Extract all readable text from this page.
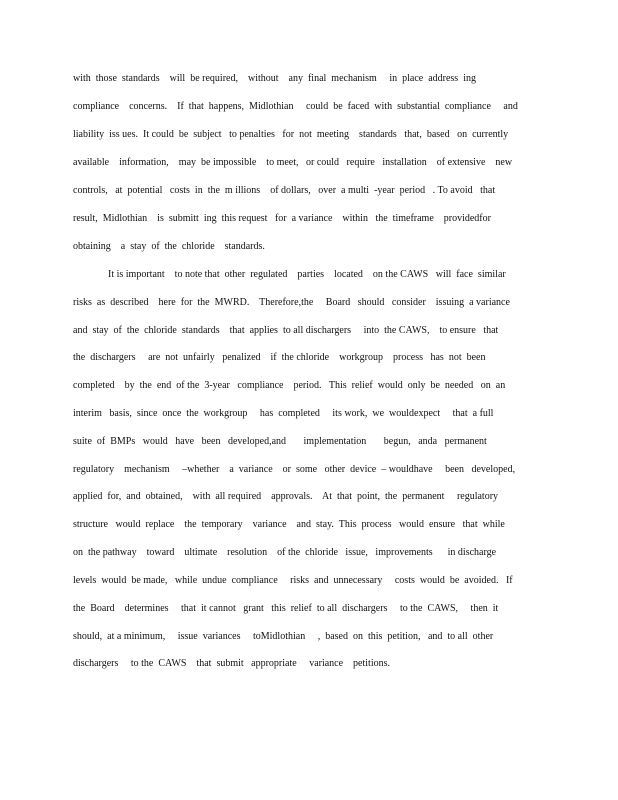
with  those  standards    will  be required,    without    any  final  mechanism     in  place  address  ing
compliance    concerns.    If  that  happens,  Midlothian     could  be  faced  with  substantial  compliance     and
liability  iss ues.  It could  be  subject   to penalties   for  not  meeting    standards   that,  based   on  currently
available    information,    may  be impossible    to meet,   or could   require   installation    of extensive    new
controls,   at  potential   costs  in  the  m illions    of dollars,   over  a multi  -year  period   . To avoid   that
result,  Midlothian    is  submitt  ing  this request   for  a variance    within   the  timeframe    providedfor
obtaining    a  stay  of  the  chloride    standards.
It is important    to note that  other  regulated    parties    located    on the CAWS   will  face  similar
risks  as  described    here  for  the  MWRD.    Therefore,the     Board   should   consider    issuing  a variance
and  stay  of  the  chloride  standards    that  applies  to all dischargers     into  the CAWS,    to ensure   that
the  dischargers     are  not  unfairly   penalized    if  the chloride    workgroup    process   has  not  been
completed    by  the  end  of the  3-year   compliance    period.   This  relief  would  only  be  needed   on  an
interim   basis,  since  once  the  workgroup     has  completed     its work,  we  wouldexpect     that  a full
suite  of  BMPs   would   have   been   developed,and       implementation       begun,   anda   permanent
regulatory    mechanism     –whether    a  variance    or  some   other  device  – wouldhave     been   developed,
applied  for,  and  obtained,    with  all required    approvals.    At  that  point,  the  permanent     regulatory
structure   would  replace    the  temporary    variance    and  stay.  This  process   would  ensure   that  while
on  the pathway    toward    ultimate    resolution    of the  chloride   issue,   improvements      in discharge
levels  would  be made,   while  undue  compliance     risks  and  unnecessary     costs  would  be  avoided.   If
the  Board    determines     that  it cannot   grant   this  relief  to all  dischargers     to the  CAWS,     then  it
should,  at a minimum,     issue  variances     toMidlothian     ,  based  on  this  petition,   and  to all  other
dischargers     to the  CAWS    that  submit   appropriate     variance    petitions.
